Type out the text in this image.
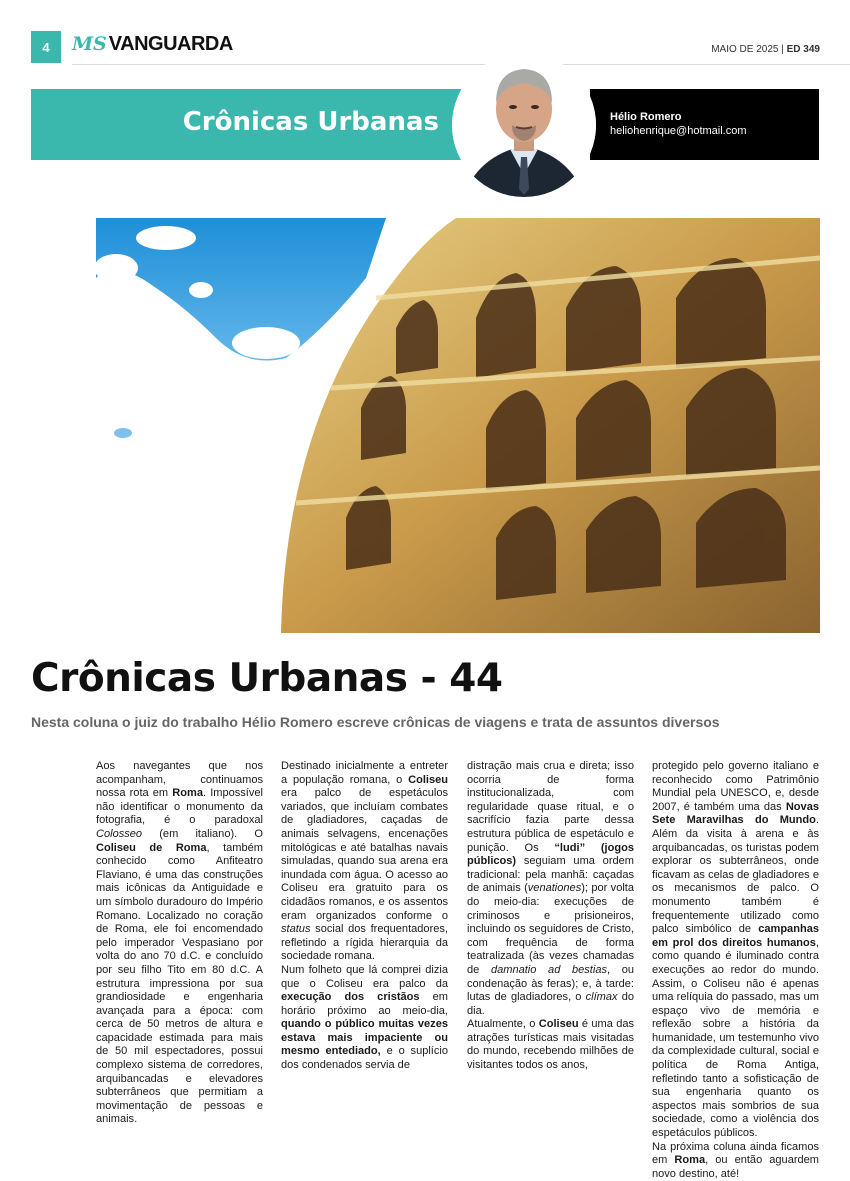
4	MS VANGUARDA	MAIO DE 2025 | ED 349
Crônicas Urbanas	Hélio Romero
heliohenrique@hotmail.com
Crônicas Urbanas - 44
Nesta coluna o juiz do trabalho Hélio Romero escreve crônicas de viagens e trata de assuntos diversos

Aos navegantes que nos acompanham, continuamos nossa rota em Roma. Impossível não identificar o monumento da fotografia, é o paradoxal Colosseo (em italiano). O Coliseu de Roma, também conhecido como Anfiteatro Flaviano, é uma das construções mais icônicas da Antiguidade e um símbolo duradouro do Império Romano. Localizado no coração de Roma, ele foi encomendado pelo imperador Vespasiano por volta do ano 70 d.C. e concluído por seu filho Tito em 80 d.C. A estrutura impressiona por sua grandiosidade e engenharia avançada para a época: com cerca de 50 metros de altura e capacidade estimada para mais de 50 mil espectadores, possui complexo sistema de corredores, arquibancadas e elevadores subterrâneos que permitiam a movimentação de pessoas e animais.

Destinado inicialmente a entreter a população romana, o Coliseu era palco de espetáculos variados, que incluíam combates de gladiadores, caçadas de animais selvagens, encenações mitológicas e até batalhas navais simuladas, quando sua arena era inundada com água. O acesso ao Coliseu era gratuito para os cidadãos romanos, e os assentos eram organizados conforme o status social dos frequentadores, refletindo a rígida hierarquia da sociedade romana.

Num folheto que lá comprei dizia que o Coliseu era palco da execução dos cristãos em horário próximo ao meio-dia, quando o público muitas vezes estava mais impaciente ou mesmo entediado, e o suplício dos condenados servia de

distração mais crua e direta; isso ocorria de forma institucionalizada, com regularidade quase ritual, e o sacrifício fazia parte dessa estrutura pública de espetáculo e punição. Os “ludi” (jogos públicos) seguiam uma ordem tradicional: pela manhã: caçadas de animais (venationes); por volta do meio-dia: execuções de criminosos e prisioneiros, incluindo os seguidores de Cristo, com frequência de forma teatralizada (às vezes chamadas de damnatio ad bestias, ou condenação às feras); e, à tarde: lutas de gladiadores, o clímax do dia.

Atualmente, o Coliseu é uma das atrações turísticas mais visitadas do mundo, recebendo milhões de visitantes todos os anos,

protegido pelo governo italiano e reconhecido como Patrimônio Mundial pela UNESCO, e, desde 2007, é também uma das Novas Sete Maravilhas do Mundo. Além da visita à arena e às arquibancadas, os turistas podem explorar os subterrâneos, onde ficavam as celas de gladiadores e os mecanismos de palco. O monumento também é frequentemente utilizado como palco simbólico de campanhas em prol dos direitos humanos, como quando é iluminado contra execuções ao redor do mundo. Assim, o Coliseu não é apenas uma relíquia do passado, mas um espaço vivo de memória e reflexão sobre a história da humanidade, um testemunho vivo da complexidade cultural, social e política de Roma Antiga, refletindo tanto a sofisticação de sua engenharia quanto os aspectos mais sombrios de sua sociedade, como a violência dos espetáculos públicos.

Na próxima coluna ainda ficamos em Roma, ou então aguardem novo destino, até!
